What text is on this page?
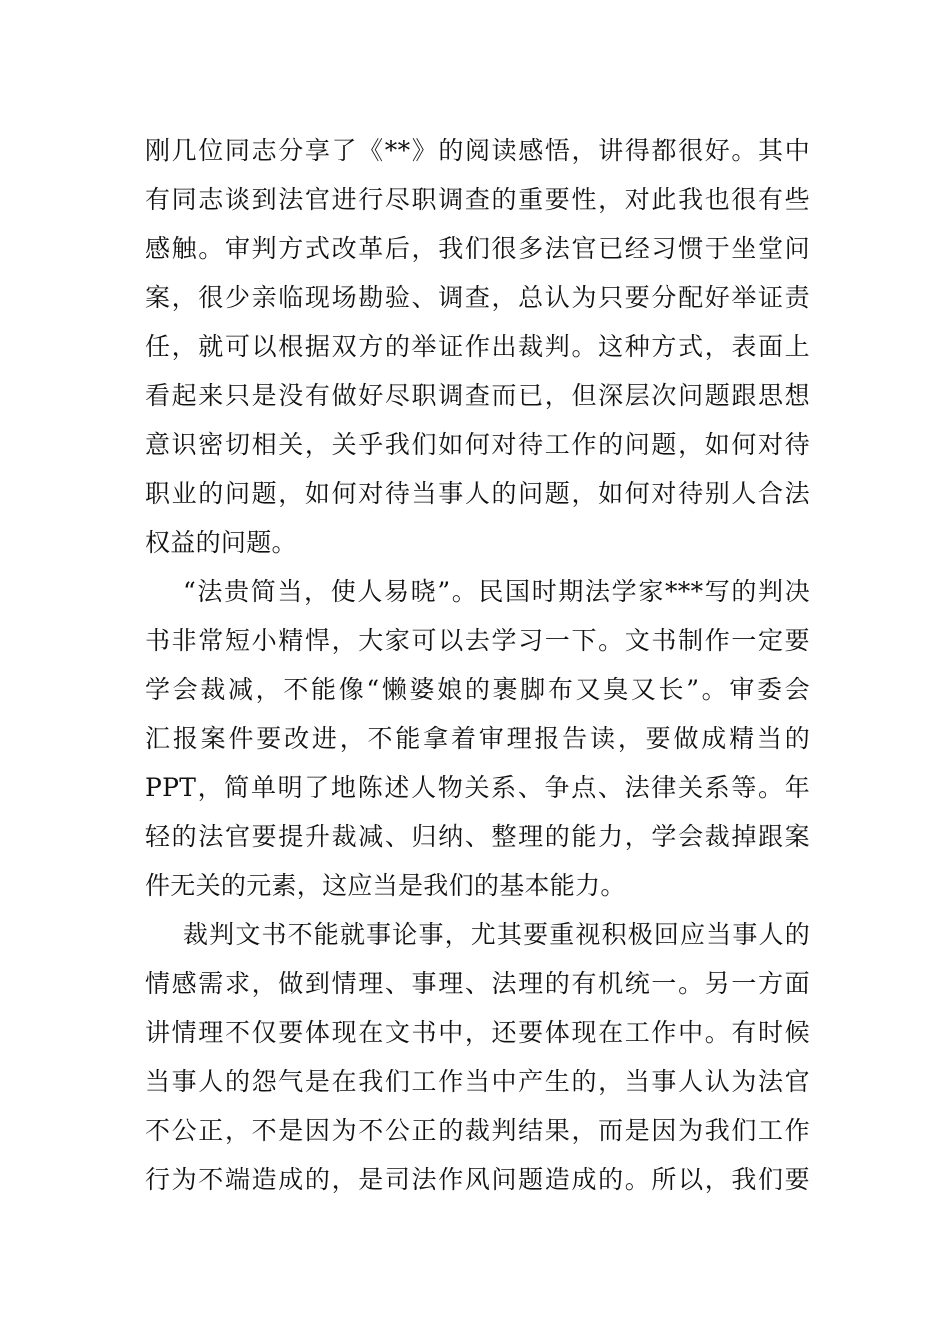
刚几位同志分享了《**》的阅读感悟，讲得都很好。其中
有同志谈到法官进行尽职调查的重要性，对此我也很有些
感触。审判方式改革后，我们很多法官已经习惯于坐堂问
案，很少亲临现场勘验、调查，总认为只要分配好举证责
任，就可以根据双方的举证作出裁判。这种方式，表面上
看起来只是没有做好尽职调查而已，但深层次问题跟思想
意识密切相关，关乎我们如何对待工作的问题，如何对待
职业的问题，如何对待当事人的问题，如何对待别人合法
权益的问题。

“法贵简当，使人易晓”。民国时期法学家***写的判决
书非常短小精悍，大家可以去学习一下。文书制作一定要
学会裁减，不能像“懒婆娘的裹脚布又臭又长”。审委会
汇报案件要改进，不能拿着审理报告读，要做成精当的
PPT，简单明了地陈述人物关系、争点、法律关系等。年
轻的法官要提升裁减、归纳、整理的能力，学会裁掉跟案
件无关的元素，这应当是我们的基本能力。

裁判文书不能就事论事，尤其要重视积极回应当事人的
情感需求，做到情理、事理、法理的有机统一。另一方面
讲情理不仅要体现在文书中，还要体现在工作中。有时候
当事人的怨气是在我们工作当中产生的，当事人认为法官
不公正，不是因为不公正的裁判结果，而是因为我们工作
行为不端造成的，是司法作风问题造成的。所以，我们要
